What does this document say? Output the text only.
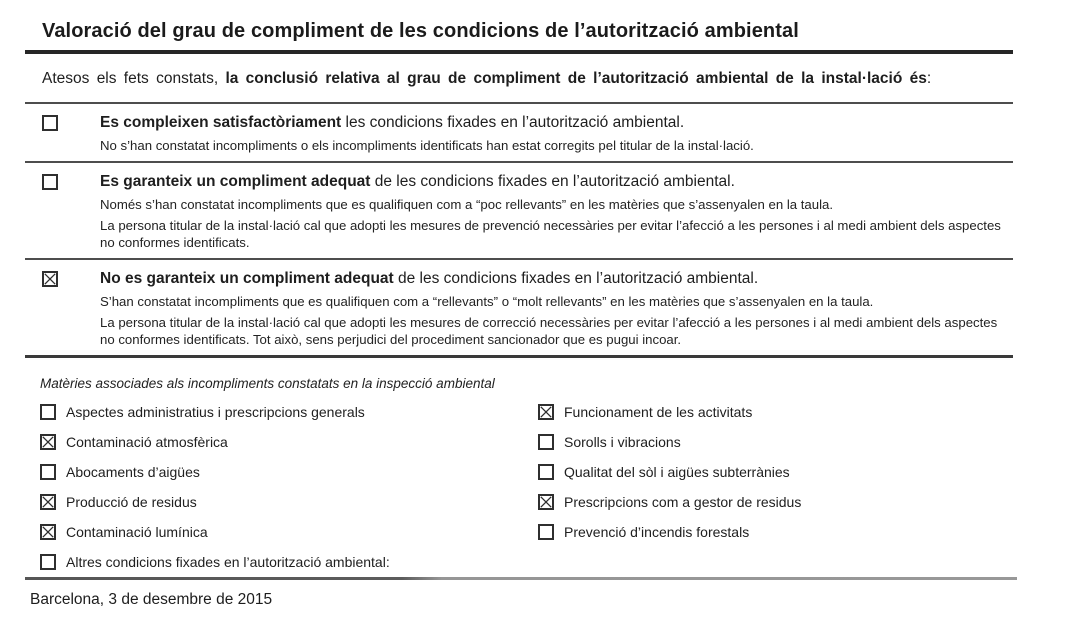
Valoració del grau de compliment de les condicions de l’autorització ambiental

Atesos els fets constats, la conclusió relativa al grau de compliment de l’autorització ambiental de la instal·lació és:

Es compleixen satisfactòriament les condicions fixades en l’autorització ambiental.

No s’han constatat incompliments o els incompliments identificats han estat corregits pel titular de la instal·lació.

Es garanteix un compliment adequat de les condicions fixades en l’autorització ambiental.

Només s’han constatat incompliments que es qualifiquen com a “poc rellevants” en les matèries que s’assenyalen en la taula.

La persona titular de la instal·lació cal que adopti les mesures de prevenció necessàries per evitar l’afecció a les persones i al medi ambient dels aspectes no conformes identificats.

No es garanteix un compliment adequat de les condicions fixades en l’autorització ambiental.

S’han constatat incompliments que es qualifiquen com a “rellevants” o “molt rellevants” en les matèries que s’assenyalen en la taula.

La persona titular de la instal·lació cal que adopti les mesures de correcció necessàries per evitar l’afecció a les persones i al medi ambient dels aspectes no conformes identificats. Tot això, sens perjudici del procediment sancionador que es pugui incoar.

Matèries associades als incompliments constatats en la inspecció ambiental

Aspectes administratius i prescripcions generals
Contaminació atmosfèrica
Abocaments d’aigües
Producció de residus
Contaminació lumínica
Altres condicions fixades en l’autorització ambiental:
Funcionament de les activitats
Sorolls i vibracions
Qualitat del sòl i aigües subterrànies
Prescripcions com a gestor de residus
Prevenció d’incendis forestals

Barcelona, 3 de desembre de 2015
